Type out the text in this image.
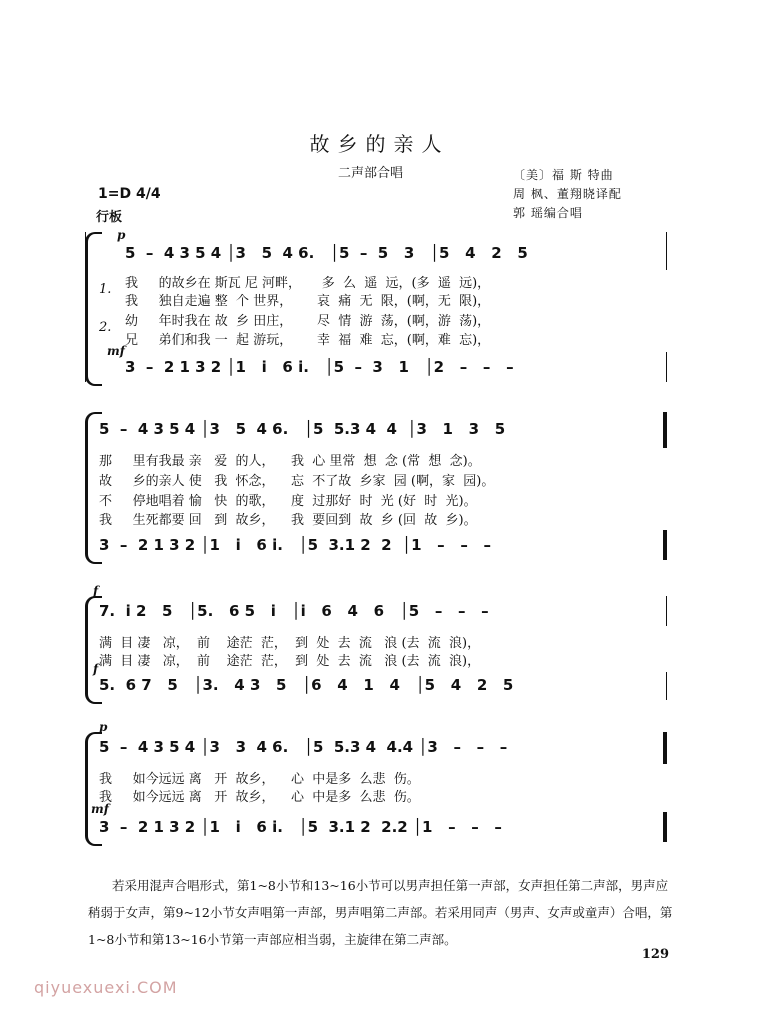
故乡的亲人
二声部合唱	〔美〕福 斯 特曲
周 枫、董翔晓译配
郭 瑶编合唱
1=D 4/4
行板
p
5  –  4 3 5 4 │3   5  4 6.   │5  –  5   3   │5   4   2   5
1.
2.
我     的故乡在 斯瓦 尼 河畔，     多  么  遥  远，(多  遥  远)，
我     独自走遍 整  个 世界，      哀  痛  无  限，(啊，无  限)，
幼     年时我在 故  乡 田庄，      尽  情  游  荡，(啊，游  荡)，
兄     弟们和我 一  起 游玩，      幸  福  难  忘，(啊，难  忘)，
mf
3  –  2 1 3 2 │1   i   6 i.   │5  –  3   1   │2   –   –   –
5  –  4 3 5 4 │3   5  4 6.   │5  5.3 4  4  │3   1   3   5
那     里有我最 亲   爱  的人，    我  心 里常  想  念 (常  想  念)。
故     乡的亲人 使   我  怀念，    忘  不了故  乡家  园 (啊，家  园)。
不     停地唱着 愉   快  的歌，    度  过那好  时  光 (好  时  光)。
我     生死都要 回   到  故乡，    我  要回到  故  乡 (回  故  乡)。
3  –  2 1 3 2 │1   i   6 i.   │5  3.1 2  2  │1   –   –   –
f
7.  i 2   5   │5.   6 5   i   │i   6   4   6   │5   –   –   –
满  目 凄   凉，  前    途茫  茫，  到  处  去  流   浪 (去  流  浪)，
满  目 凄   凉，  前    途茫  茫，  到  处  去  流   浪 (去  流  浪)，
f
5.  6 7   5   │3.   4 3   5   │6   4   1   4   │5   4   2   5
p
5  –  4 3 5 4 │3   3  4 6.   │5  5.3 4  4.4 │3   –   –   –
我     如今远远 离   开  故乡，    心  中是多  么悲  伤。
我     如今远远 离   开  故乡，    心  中是多  么悲  伤。
mf
3  –  2 1 3 2 │1   i   6 i.   │5  3.1 2  2.2 │1   –   –   –
若采用混声合唱形式，第1~8小节和13~16小节可以男声担任第一声部，女声担任第二声部，男声应稍弱于女声，第9~12小节女声唱第一声部，男声唱第二声部。若采用同声（男声、女声或童声）合唱，第1~8小节和第13~16小节第一声部应相当弱，主旋律在第二声部。
129
qiyuexuexi.COM
